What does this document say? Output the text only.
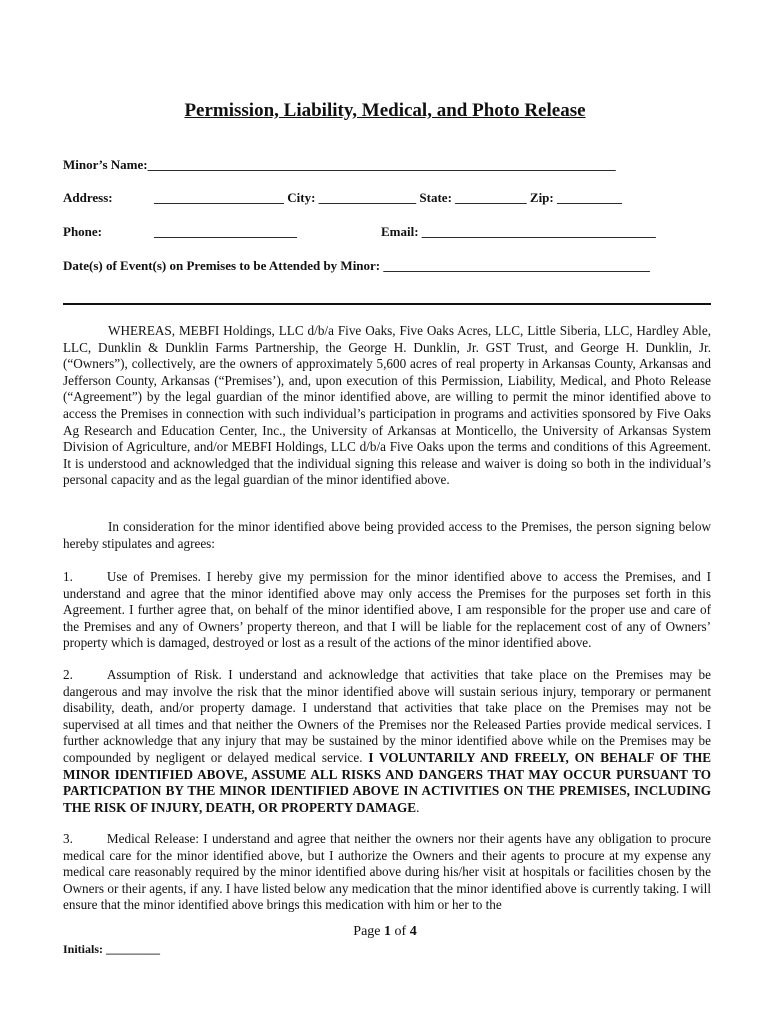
Permission, Liability, Medical, and Photo Release
Minor’s Name:________________________________________________________________________
Address:	____________________ City: _______________ State: ___________ Zip: __________
Phone:	______________________	Email: ____________________________________
Date(s) of Event(s) on Premises to be Attended by Minor: _________________________________________
WHEREAS, MEBFI Holdings, LLC d/b/a Five Oaks, Five Oaks Acres, LLC, Little Siberia, LLC, Hardley Able, LLC, Dunklin & Dunklin Farms Partnership, the George H. Dunklin, Jr. GST Trust, and George H. Dunklin, Jr. (“Owners”), collectively, are the owners of approximately 5,600 acres of real property in Arkansas County, Arkansas and Jefferson County, Arkansas (“Premises’), and, upon execution of this Permission, Liability, Medical, and Photo Release (“Agreement”) by the legal guardian of the minor identified above, are willing to permit the minor identified above to access the Premises in connection with such individual’s participation in programs and activities sponsored by Five Oaks Ag Research and Education Center, Inc., the University of Arkansas at Monticello, the University of Arkansas System Division of Agriculture, and/or MEBFI Holdings, LLC d/b/a Five Oaks upon the terms and conditions of this Agreement. It is understood and acknowledged that the individual signing this release and waiver is doing so both in the individual’s personal capacity and as the legal guardian of the minor identified above.
In consideration for the minor identified above being provided access to the Premises, the person signing below hereby stipulates and agrees:
1.	Use of Premises. I hereby give my permission for the minor identified above to access the Premises, and I understand and agree that the minor identified above may only access the Premises for the purposes set forth in this Agreement. I further agree that, on behalf of the minor identified above, I am responsible for the proper use and care of the Premises and any of Owners’ property thereon, and that I will be liable for the replacement cost of any of Owners’ property which is damaged, destroyed or lost as a result of the actions of the minor identified above.
2.	Assumption of Risk. I understand and acknowledge that activities that take place on the Premises may be dangerous and may involve the risk that the minor identified above will sustain serious injury, temporary or permanent disability, death, and/or property damage. I understand that activities that take place on the Premises may not be supervised at all times and that neither the Owners of the Premises nor the Released Parties provide medical services. I further acknowledge that any injury that may be sustained by the minor identified above while on the Premises may be compounded by negligent or delayed medical service. I VOLUNTARILY AND FREELY, ON BEHALF OF THE MINOR IDENTIFIED ABOVE, ASSUME ALL RISKS AND DANGERS THAT MAY OCCUR PURSUANT TO PARTICPATION BY THE MINOR IDENTIFIED ABOVE IN ACTIVITIES ON THE PREMISES, INCLUDING THE RISK OF INJURY, DEATH, OR PROPERTY DAMAGE.
3.	Medical Release: I understand and agree that neither the owners nor their agents have any obligation to procure medical care for the minor identified above, but I authorize the Owners and their agents to procure at my expense any medical care reasonably required by the minor identified above during his/her visit at hospitals or facilities chosen by the Owners or their agents, if any. I have listed below any medication that the minor identified above is currently taking. I will ensure that the minor identified above brings this medication with him or her to the
Page 1 of 4
Initials: _________
